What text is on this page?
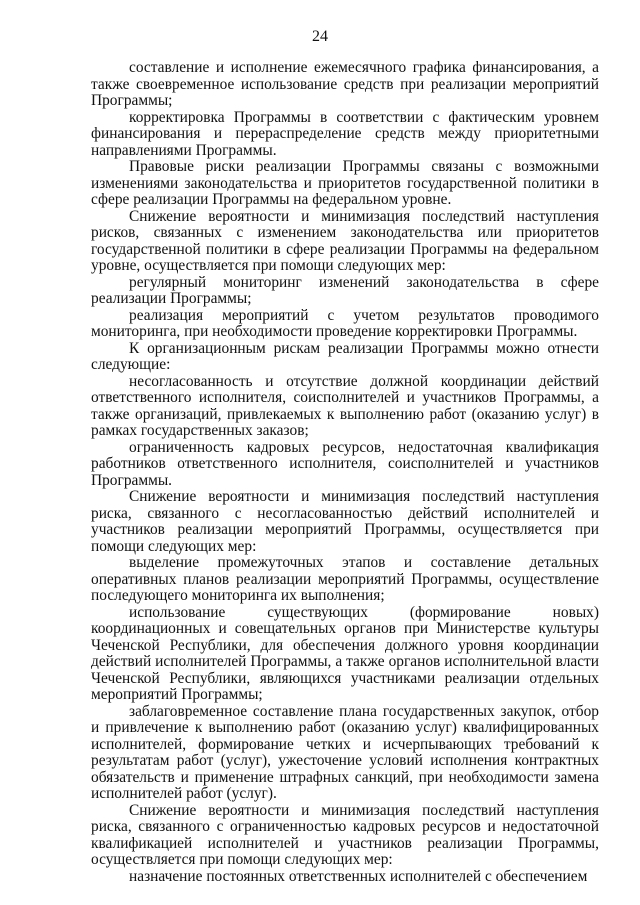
24

составление и исполнение ежемесячного графика финансирования, а также своевременное использование средств при реализации мероприятий Программы;

корректировка Программы в соответствии с фактическим уровнем финансирования и перераспределение средств между приоритетными направлениями Программы.

Правовые риски реализации Программы связаны с возможными изменениями законодательства и приоритетов государственной политики в сфере реализации Программы на федеральном уровне.

Снижение вероятности и минимизация последствий наступления рисков, связанных с изменением законодательства или приоритетов государственной политики в сфере реализации Программы на федеральном уровне, осуществляется при помощи следующих мер:

регулярный мониторинг изменений законодательства в сфере реализации Программы;

реализация мероприятий с учетом результатов проводимого мониторинга, при необходимости проведение корректировки Программы.

К организационным рискам реализации Программы можно отнести следующие:

несогласованность и отсутствие должной координации действий ответственного исполнителя, соисполнителей и участников Программы, а также организаций, привлекаемых к выполнению работ (оказанию услуг) в рамках государственных заказов;

ограниченность кадровых ресурсов, недостаточная квалификация работников ответственного исполнителя, соисполнителей и участников Программы.

Снижение вероятности и минимизация последствий наступления риска, связанного с несогласованностью действий исполнителей и участников реализации мероприятий Программы, осуществляется при помощи следующих мер:

выделение промежуточных этапов и составление детальных оперативных планов реализации мероприятий Программы, осуществление последующего мониторинга их выполнения;

использование существующих (формирование новых) координационных и совещательных органов при Министерстве культуры Чеченской Республики, для обеспечения должного уровня координации действий исполнителей Программы, а также органов исполнительной власти Чеченской Республики, являющихся участниками реализации отдельных мероприятий Программы;

заблаговременное составление плана государственных закупок, отбор и привлечение к выполнению работ (оказанию услуг) квалифицированных исполнителей, формирование четких и исчерпывающих требований к результатам работ (услуг), ужесточение условий исполнения контрактных обязательств и применение штрафных санкций, при необходимости замена исполнителей работ (услуг).

Снижение вероятности и минимизация последствий наступления риска, связанного с ограниченностью кадровых ресурсов и недостаточной квалификацией исполнителей и участников реализации Программы, осуществляется при помощи следующих мер:

назначение постоянных ответственных исполнителей с обеспечением
